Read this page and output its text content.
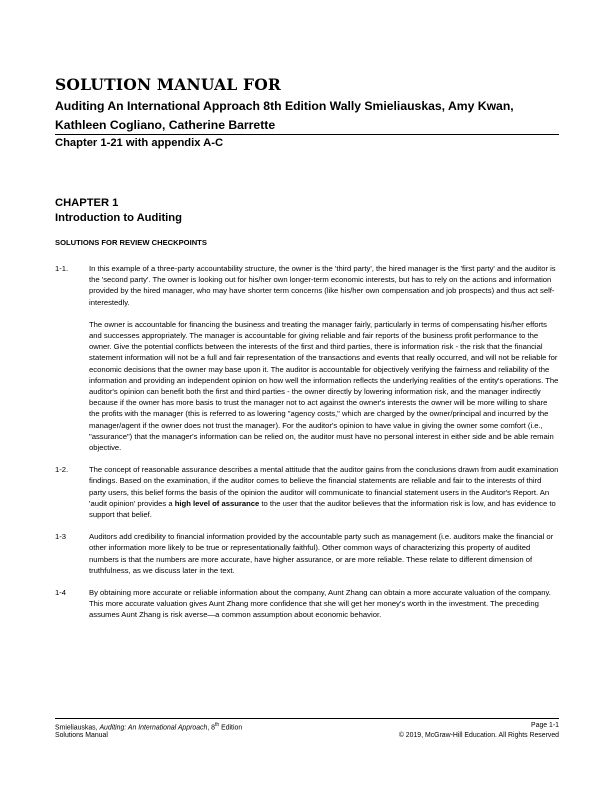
SOLUTION MANUAL FOR
Auditing An International Approach 8th Edition Wally Smieliauskas, Amy Kwan, Kathleen Cogliano, Catherine Barrette
Chapter 1-21 with appendix A-C
CHAPTER 1
Introduction to Auditing
SOLUTIONS FOR REVIEW CHECKPOINTS
1-1.	In this example of a three-party accountability structure, the owner is the 'third party', the hired manager is the 'first party' and the auditor is the 'second party'. The owner is looking out for his/her own longer-term economic interests, but has to rely on the actions and information provided by the hired manager, who may have shorter term concerns (like his/her own compensation and job prospects) and thus act self-interestedly.

The owner is accountable for financing the business and treating the manager fairly, particularly in terms of compensating his/her efforts and successes appropriately. The manager is accountable for giving reliable and fair reports of the business profit performance to the owner. Give the potential conflicts between the interests of the first and third parties, there is information risk - the risk that the financial statement information will not be a full and fair representation of the transactions and events that really occurred, and will not be reliable for economic decisions that the owner may base upon it. The auditor is accountable for objectively verifying the fairness and reliability of the information and providing an independent opinion on how well the information reflects the underlying realities of the entity's operations. The auditor's opinion can benefit both the first and third parties - the owner directly by lowering information risk, and the manager indirectly because if the owner has more basis to trust the manager not to act against the owner's interests the owner will be more willing to share the profits with the manager (this is referred to as lowering "agency costs," which are charged by the owner/principal and incurred by the manager/agent if the owner does not trust the manager). For the auditor's opinion to have value in giving the owner some comfort (i.e., "assurance") that the manager's information can be relied on, the auditor must have no personal interest in either side and be able remain objective.

1-2.	The concept of reasonable assurance describes a mental attitude that the auditor gains from the conclusions drawn from audit examination findings. Based on the examination, if the auditor comes to believe the financial statements are reliable and fair to the interests of third party users, this belief forms the basis of the opinion the auditor will communicate to financial statement users in the Auditor's Report. An 'audit opinion' provides a high level of assurance to the user that the auditor believes that the information risk is low, and has evidence to support that belief.
1-3	Auditors add credibility to financial information provided by the accountable party such as management (i.e. auditors make the financial or other information more likely to be true or representationally faithful). Other common ways of characterizing this property of audited numbers is that the numbers are more accurate, have higher assurance, or are more reliable. These relate to different dimension of truthfulness, as we discuss later in the text.
1-4	By obtaining more accurate or reliable information about the company, Aunt Zhang can obtain a more accurate valuation of the company. This more accurate valuation gives Aunt Zhang more confidence that she will get her money’s worth in the investment. The preceding assumes Aunt Zhang is risk averse—a common assumption about economic behavior.
Smieliauskas, Auditing: An International Approach, 8th Edition	Page 1-1
Solutions Manual	© 2019, McGraw-Hill Education. All Rights Reserved
